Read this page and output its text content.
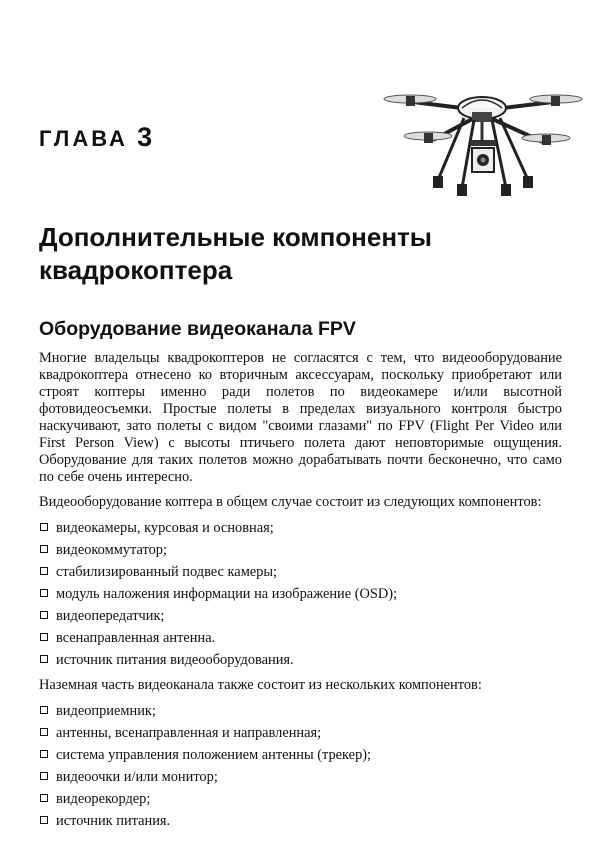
ГЛАВА 3
Дополнительные компоненты
квадрокоптера
Оборудование видеоканала FPV

Многие владельцы квадрокоптеров не согласятся с тем, что видеооборудование квадрокоптера отнесено ко вторичным аксессуарам, поскольку приобретают или строят коптеры именно ради полетов по видеокамере и/или высотной фотовидеосъемки. Простые полеты в пределах визуального контроля быстро наскучивают, зато полеты с видом "своими глазами" по FPV (Flight Per Video или First Person View) с высоты птичьего полета дают неповторимые ощущения. Оборудование для таких полетов можно дорабатывать почти бесконечно, что само по себе очень интересно.

Видеооборудование коптера в общем случае состоит из следующих компонентов:

видеокамеры, курсовая и основная;
видеокоммутатор;
стабилизированный подвес камеры;
модуль наложения информации на изображение (OSD);
видеопередатчик;
всенаправленная антенна.
источник питания видеооборудования.

Наземная часть видеоканала также состоит из нескольких компонентов:

видеоприемник;
антенны, всенаправленная и направленная;
система управления положением антенны (трекер);
видеоочки и/или монитор;
видеорекордер;
источник питания.
